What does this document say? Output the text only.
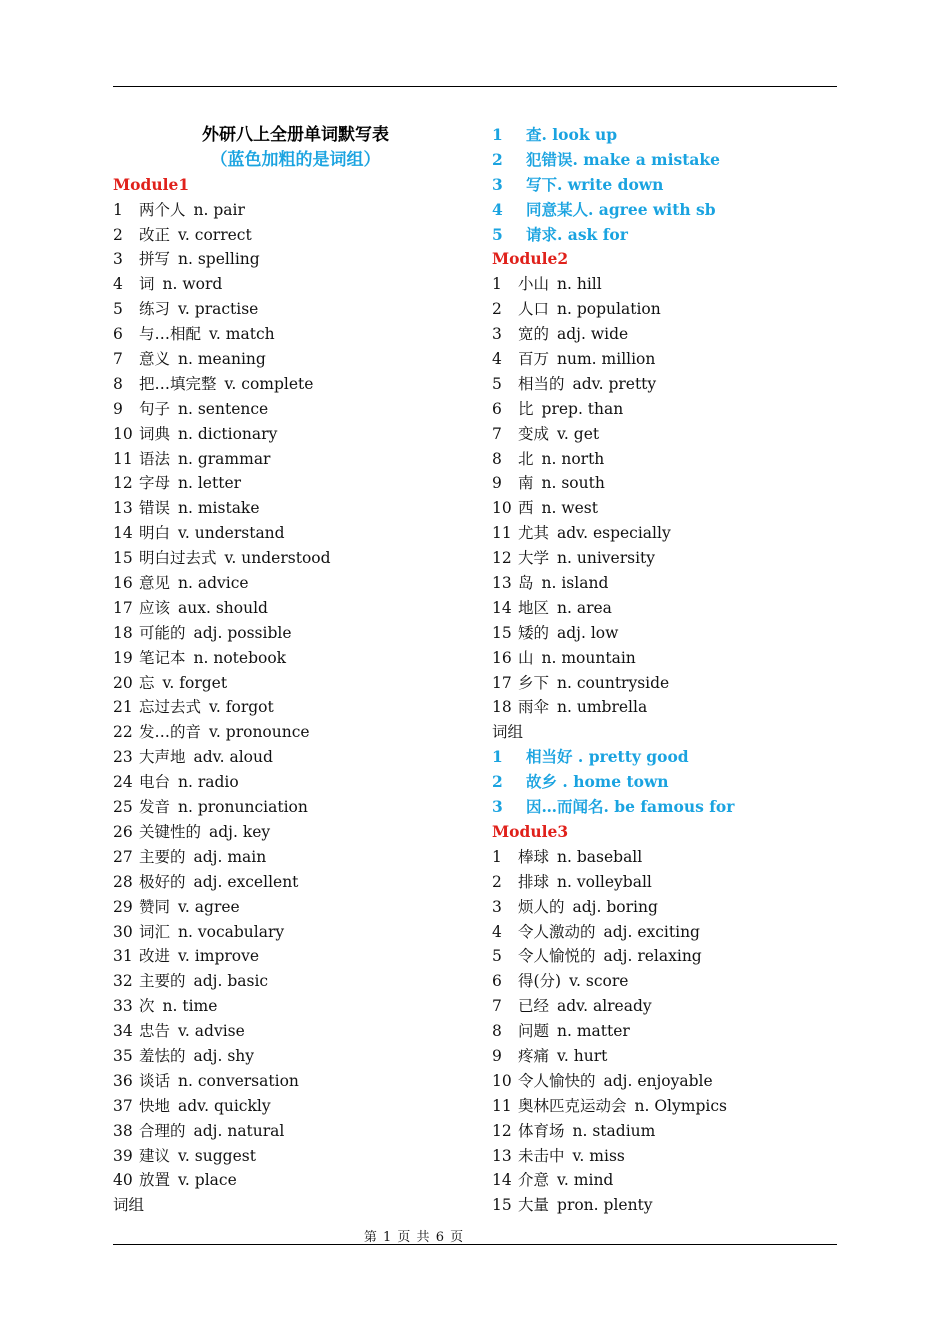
外研八上全册单词默写表
（蓝色加粗的是词组）
Module1
1 两个人 n. pair
2 改正 v. correct
3 拼写 n. spelling
4 词 n. word
5 练习 v. practise
6 与…相配 v. match
7 意义 n. meaning
8 把…填完整 v. complete
9 句子 n. sentence
10 词典 n. dictionary
11 语法 n. grammar
12 字母 n. letter
13 错误 n. mistake
14 明白 v. understand
15 明白过去式 v. understood
16 意见 n. advice
17 应该 aux. should
18 可能的 adj. possible
19 笔记本 n. notebook
20 忘 v. forget
21 忘过去式 v. forgot
22 发…的音 v. pronounce
23 大声地 adv. aloud
24 电台 n. radio
25 发音 n. pronunciation
26 关键性的 adj. key
27 主要的 adj. main
28 极好的 adj. excellent
29 赞同 v. agree
30 词汇 n. vocabulary
31 改进 v. improve
32 主要的 adj. basic
33 次 n. time
34 忠告 v. advise
35 羞怯的 adj. shy
36 谈话 n. conversation
37 快地 adv. quickly
38 合理的 adj. natural
39 建议 v. suggest
40 放置 v. place
词组
1 查. look up
2 犯错误. make a mistake
3 写下. write down
4 同意某人. agree with sb
5 请求. ask for
Module2
1 小山 n. hill
2 人口 n. population
3 宽的 adj. wide
4 百万 num. million
5 相当的 adv. pretty
6 比 prep. than
7 变成 v. get
8 北 n. north
9 南 n. south
10 西 n. west
11 尤其 adv. especially
12 大学 n. university
13 岛 n. island
14 地区 n. area
15 矮的 adj. low
16 山 n. mountain
17 乡下 n. countryside
18 雨伞 n. umbrella
词组
1 相当好 . pretty good
2 故乡 . home town
3 因…而闻名. be famous for
Module3
1 棒球 n. baseball
2 排球 n. volleyball
3 烦人的 adj. boring
4 令人激动的 adj. exciting
5 令人愉悦的 adj. relaxing
6 得(分) v. score
7 已经 adv. already
8 问题 n. matter
9 疼痛 v. hurt
10 令人愉快的 adj. enjoyable
11 奥林匹克运动会 n. Olympics
12 体育场 n. stadium
13 未击中 v. miss
14 介意 v. mind
15 大量 pron. plenty
第 1 页 共 6 页
